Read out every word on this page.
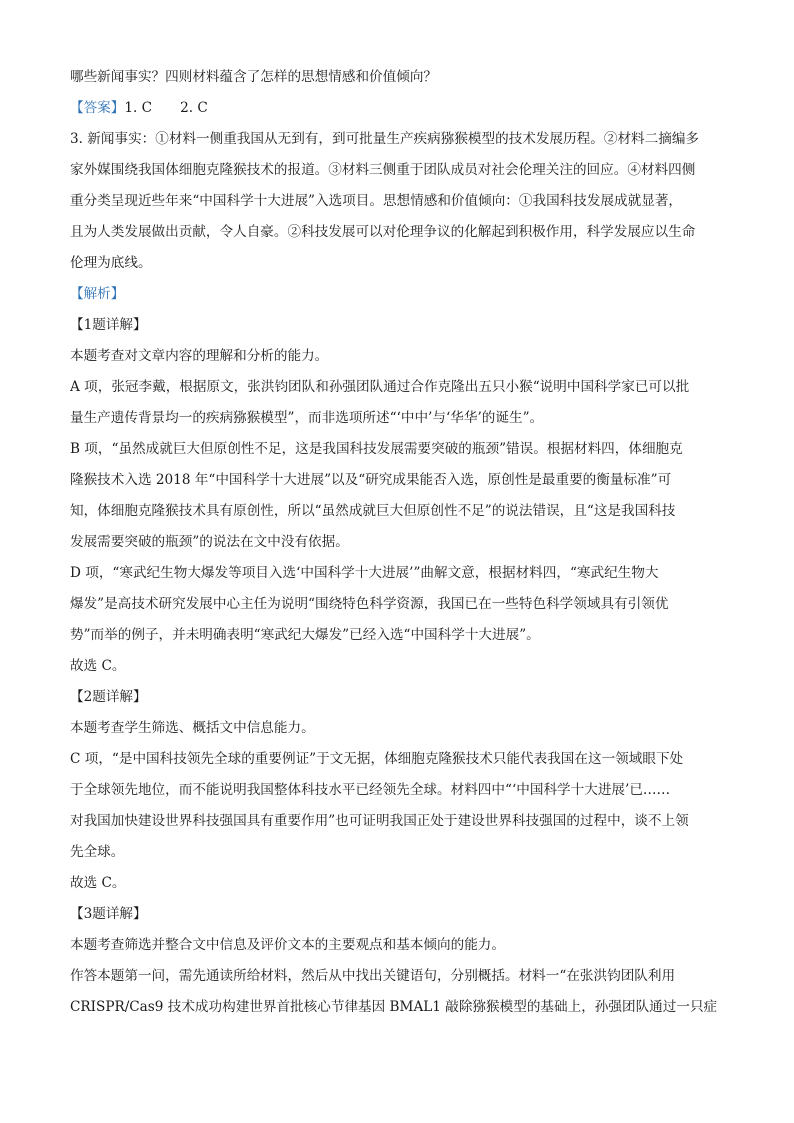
哪些新闻事实？四则材料蕴含了怎样的思想情感和价值倾向？
【答案】1. C 2. C
3. 新闻事实：①材料一侧重我国从无到有，到可批量生产疾病猕猴模型的技术发展历程。②材料二摘编多
家外媒围绕我国体细胞克隆猴技术的报道。③材料三侧重于团队成员对社会伦理关注的回应。④材料四侧
重分类呈现近些年来“中国科学十大进展”入选项目。思想情感和价值倾向：①我国科技发展成就显著，
且为人类发展做出贡献，令人自豪。②科技发展可以对伦理争议的化解起到积极作用，科学发展应以生命
伦理为底线。
【解析】
【1题详解】
本题考查对文章内容的理解和分析的能力。
A 项，张冠李戴，根据原文，张洪钧团队和孙强团队通过合作克隆出五只小猴“说明中国科学家已可以批
量生产遗传背景均一的疾病猕猴模型”，而非选项所述“‘中中’与‘华华’的诞生”。
B 项，“虽然成就巨大但原创性不足，这是我国科技发展需要突破的瓶颈”错误。根据材料四，体细胞克
隆猴技术入选 2018 年“中国科学十大进展”以及“研究成果能否入选，原创性是最重要的衡量标准”可
知，体细胞克隆猴技术具有原创性，所以“虽然成就巨大但原创性不足”的说法错误，且“这是我国科技
发展需要突破的瓶颈”的说法在文中没有依据。
D 项，“寒武纪生物大爆发等项目入选‘中国科学十大进展’”曲解文意，根据材料四，“寒武纪生物大
爆发”是高技术研究发展中心主任为说明“围绕特色科学资源，我国已在一些特色科学领域具有引领优
势”而举的例子，并未明确表明“寒武纪大爆发”已经入选“中国科学十大进展”。
故选 C。
【2题详解】
本题考查学生筛选、概括文中信息能力。
C 项，“是中国科技领先全球的重要例证”于文无据，体细胞克隆猴技术只能代表我国在这一领域眼下处
于全球领先地位，而不能说明我国整体科技水平已经领先全球。材料四中“‘中国科学十大进展’已……
对我国加快建设世界科技强国具有重要作用”也可证明我国正处于建设世界科技强国的过程中，谈不上领
先全球。
故选 C。
【3题详解】
本题考查筛选并整合文中信息及评价文本的主要观点和基本倾向的能力。
作答本题第一问，需先通读所给材料，然后从中找出关键语句，分别概括。材料一“在张洪钧团队利用
CRISPR/Cas9 技术成功构建世界首批核心节律基因 BMAL1 敲除猕猴模型的基础上，孙强团队通过一只症
